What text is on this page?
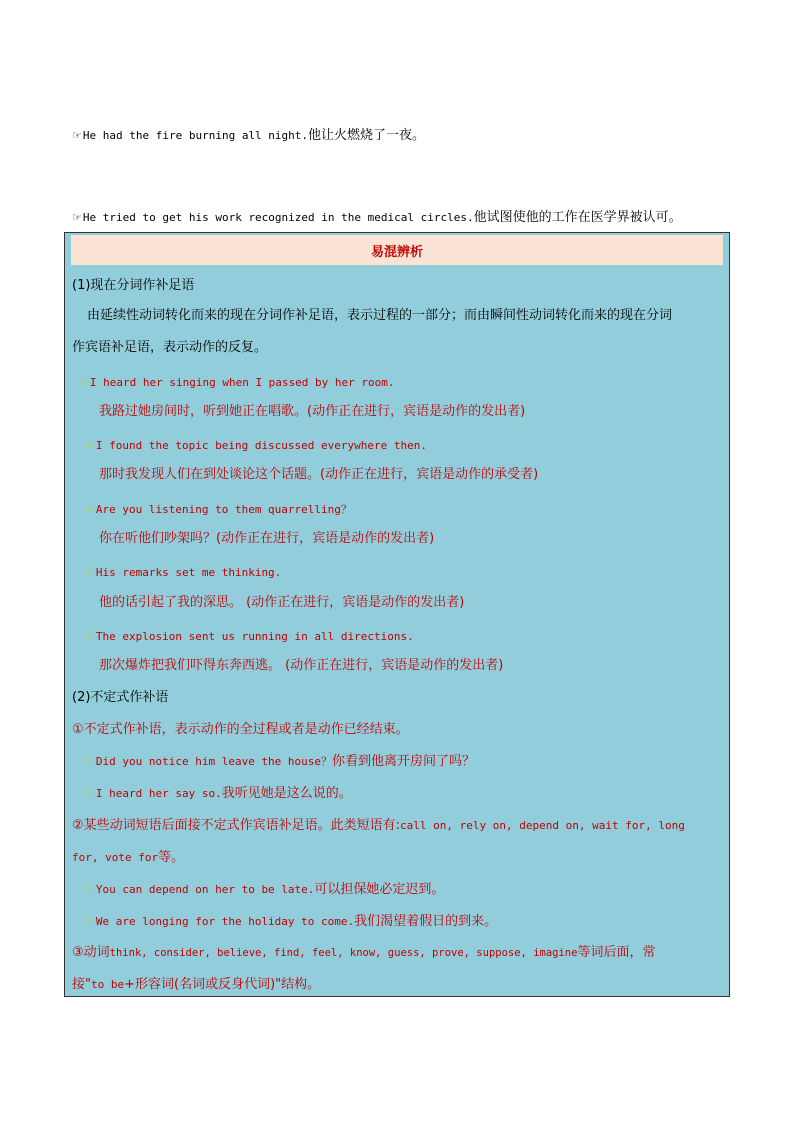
☞He had the fire burning all night.他让火燃烧了一夜。
☞He tried to get his work recognized in the medical circles.他试图使他的工作在医学界被认可。
易混辨析
(1)现在分词作补足语
由延续性动词转化而来的现在分词作补足语，表示过程的一部分；而由瞬间性动词转化而来的现在分词
作宾语补足语，表示动作的反复。
☞I heard her singing when I passed by her room.
我路过她房间时，听到她正在唱歌。(动作正在进行，宾语是动作的发出者)
☞I found the topic being discussed everywhere then.
那时我发现人们在到处谈论这个话题。(动作正在进行，宾语是动作的承受者)
☞Are you listening to them quarrelling？
你在听他们吵架吗？(动作正在进行，宾语是动作的发出者)
☞His remarks set me thinking.
他的话引起了我的深思。 (动作正在进行，宾语是动作的发出者)
☞The explosion sent us running in all directions.
那次爆炸把我们吓得东奔西逃。 (动作正在进行，宾语是动作的发出者)
(2)不定式作补语
①不定式作补语，表示动作的全过程或者是动作已经结束。
☞Did you notice him leave the house？你看到他离开房间了吗？
☞I heard her say so.我听见她是这么说的。
②某些动词短语后面接不定式作宾语补足语。此类短语有:call on, rely on, depend on, wait for, long
for, vote for等。
☞You can depend on her to be late.可以担保她必定迟到。
☞We are longing for the holiday to come.我们渴望着假日的到来。
③动词think, consider, believe, find, feel, know, guess, prove, suppose, imagine等词后面，常
接"to be+形容词(名词或反身代词)"结构。
